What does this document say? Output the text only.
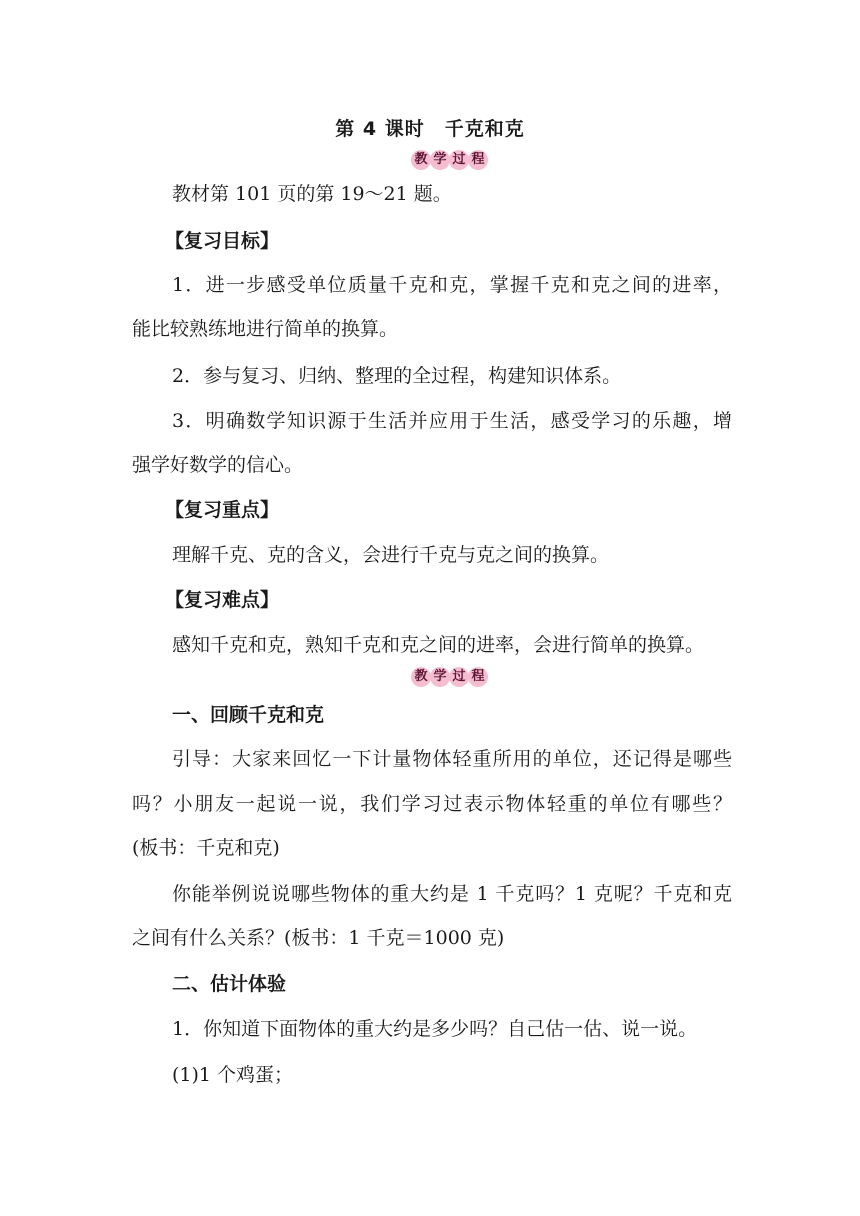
第 4 课时　千克和克
教 学 过 程
教材第 101 页的第 19～21 题。
【复习目标】
1．进一步感受单位质量千克和克，掌握千克和克之间的进率，
能比较熟练地进行简单的换算。
2．参与复习、归纳、整理的全过程，构建知识体系。
3．明确数学知识源于生活并应用于生活，感受学习的乐趣，增
强学好数学的信心。
【复习重点】
理解千克、克的含义，会进行千克与克之间的换算。
【复习难点】
感知千克和克，熟知千克和克之间的进率，会进行简单的换算。
教 学 过 程
一、回顾千克和克
引导：大家来回忆一下计量物体轻重所用的单位，还记得是哪些
吗？小朋友一起说一说，我们学习过表示物体轻重的单位有哪些？
(板书：千克和克)
你能举例说说哪些物体的重大约是 1 千克吗？1 克呢？千克和克
之间有什么关系？(板书：1 千克＝1000 克)
二、估计体验
1．你知道下面物体的重大约是多少吗？自己估一估、说一说。
(1)1 个鸡蛋；
